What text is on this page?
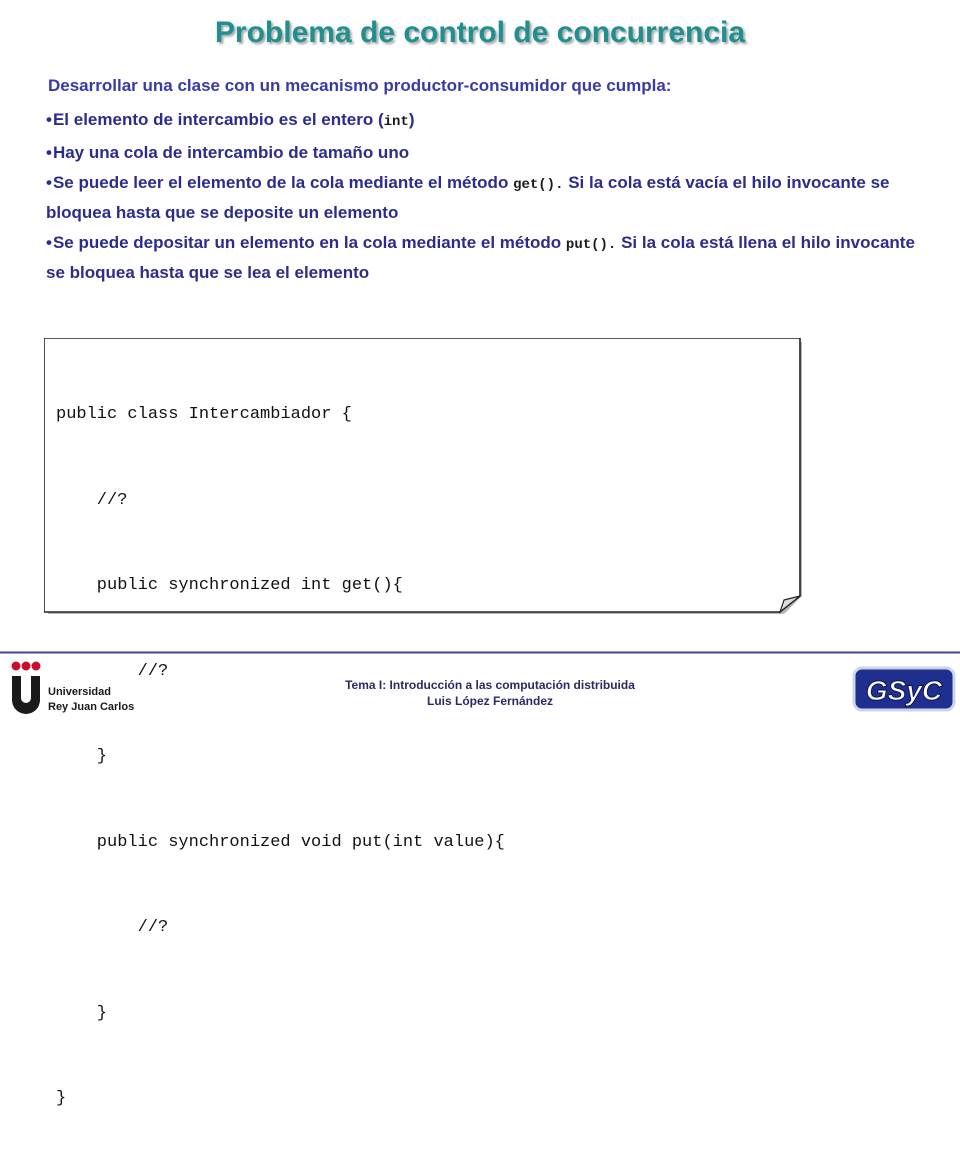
Problema de control de concurrencia

Desarrollar una clase con un mecanismo productor-consumidor que cumpla:

• El elemento de intercambio es el entero (int)
• Hay una cola de intercambio de tamaño uno
• Se puede leer el elemento de la cola mediante el método get(). Si la cola está vacía el hilo invocante se bloquea hasta que se deposite un elemento
• Se puede depositar un elemento en la cola mediante el método put(). Si la cola está llena el hilo invocante se bloquea hasta que se lea el elemento

public class Intercambiador {

//?

public synchronized int get(){

//?

}

public synchronized void put(int value){

//?

}

}

Universidad
Rey Juan Carlos
Tema I: Introducción a las computación distribuida
Luis López Fernández	GSyC
